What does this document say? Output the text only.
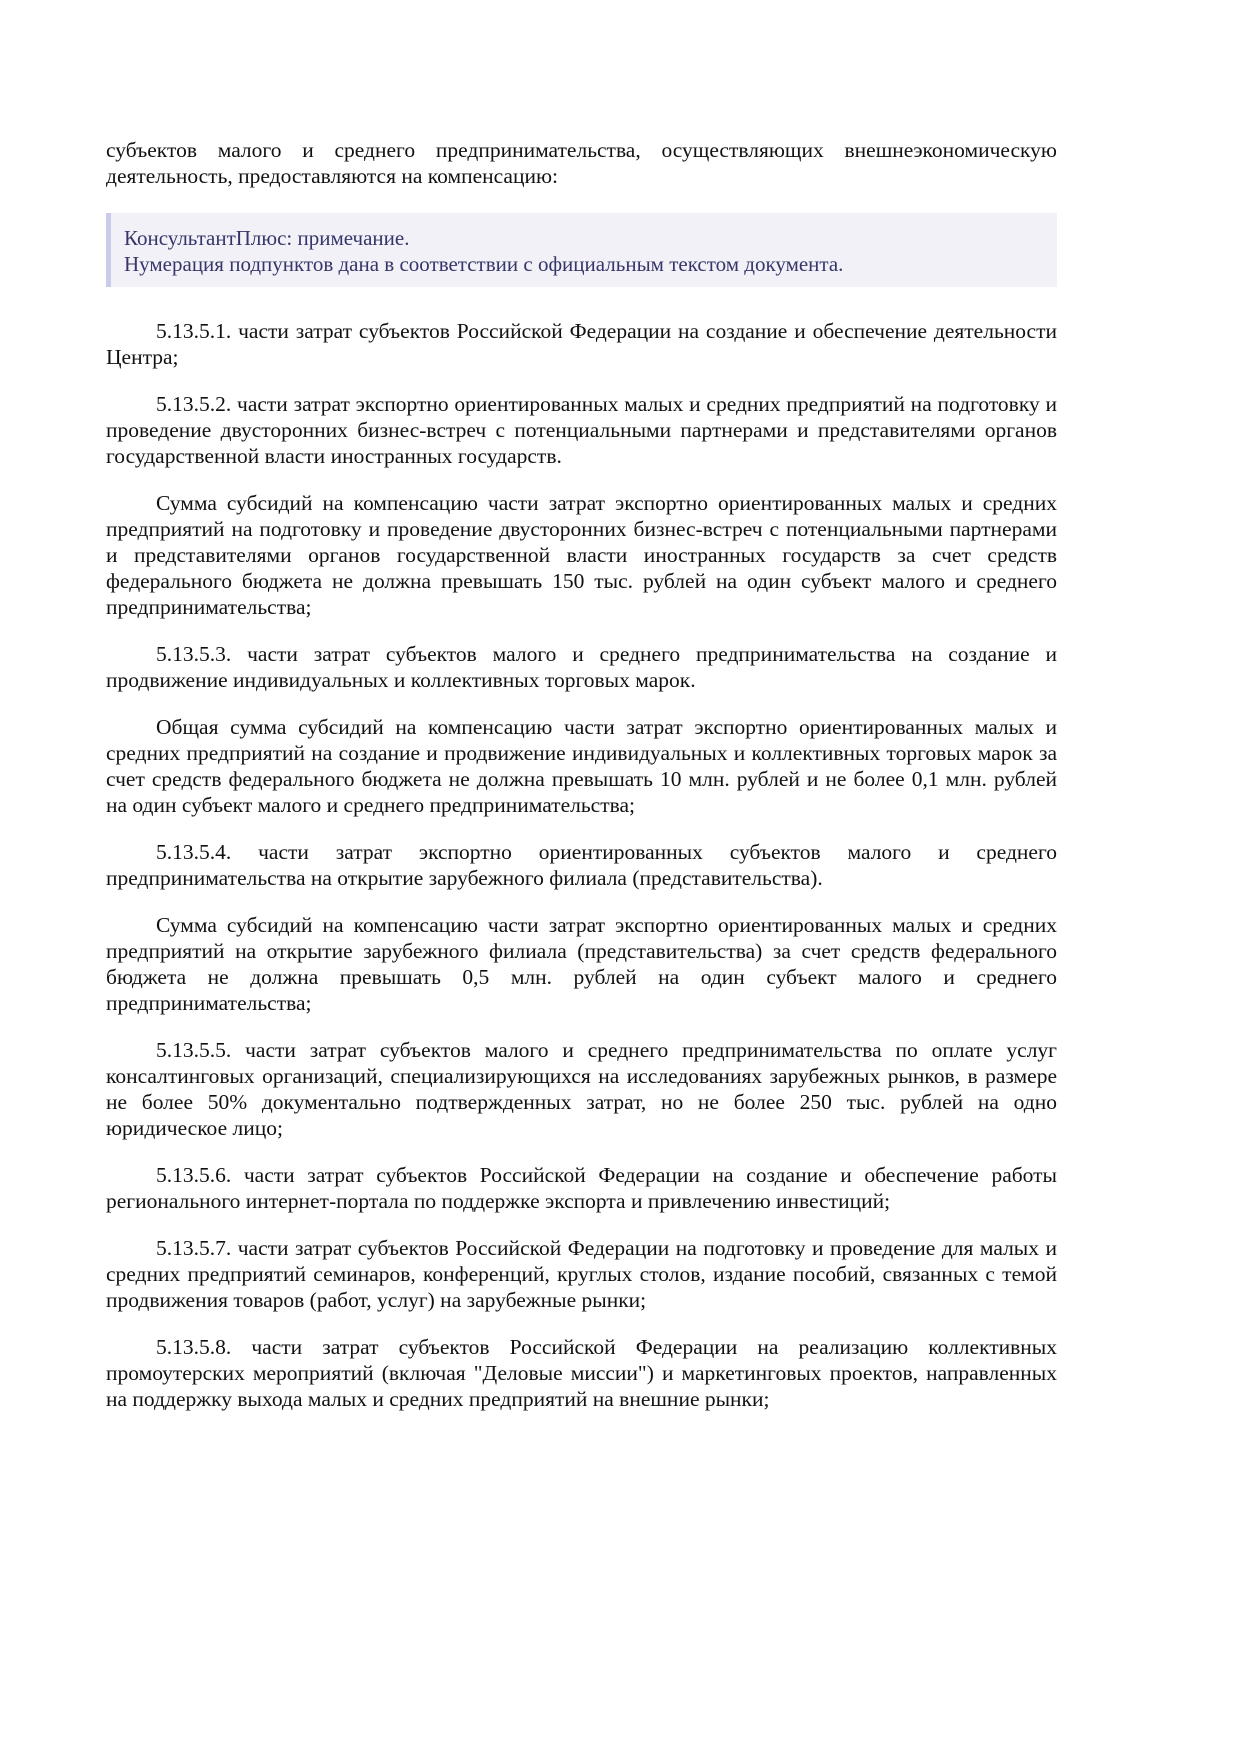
субъектов малого и среднего предпринимательства, осуществляющих внешнеэкономическую деятельность, предоставляются на компенсацию:

КонсультантПлюс: примечание.
Нумерация подпунктов дана в соответствии с официальным текстом документа.

5.13.5.1. части затрат субъектов Российской Федерации на создание и обеспечение деятельности Центра;

5.13.5.2. части затрат экспортно ориентированных малых и средних предприятий на подготовку и проведение двусторонних бизнес-встреч с потенциальными партнерами и представителями органов государственной власти иностранных государств.

Сумма субсидий на компенсацию части затрат экспортно ориентированных малых и средних предприятий на подготовку и проведение двусторонних бизнес-встреч с потенциальными партнерами и представителями органов государственной власти иностранных государств за счет средств федерального бюджета не должна превышать 150 тыс. рублей на один субъект малого и среднего предпринимательства;

5.13.5.3. части затрат субъектов малого и среднего предпринимательства на создание и продвижение индивидуальных и коллективных торговых марок.

Общая сумма субсидий на компенсацию части затрат экспортно ориентированных малых и средних предприятий на создание и продвижение индивидуальных и коллективных торговых марок за счет средств федерального бюджета не должна превышать 10 млн. рублей и не более 0,1 млн. рублей на один субъект малого и среднего предпринимательства;

5.13.5.4. части затрат экспортно ориентированных субъектов малого и среднего предпринимательства на открытие зарубежного филиала (представительства).

Сумма субсидий на компенсацию части затрат экспортно ориентированных малых и средних предприятий на открытие зарубежного филиала (представительства) за счет средств федерального бюджета не должна превышать 0,5 млн. рублей на один субъект малого и среднего предпринимательства;

5.13.5.5. части затрат субъектов малого и среднего предпринимательства по оплате услуг консалтинговых организаций, специализирующихся на исследованиях зарубежных рынков, в размере не более 50% документально подтвержденных затрат, но не более 250 тыс. рублей на одно юридическое лицо;

5.13.5.6. части затрат субъектов Российской Федерации на создание и обеспечение работы регионального интернет-портала по поддержке экспорта и привлечению инвестиций;

5.13.5.7. части затрат субъектов Российской Федерации на подготовку и проведение для малых и средних предприятий семинаров, конференций, круглых столов, издание пособий, связанных с темой продвижения товаров (работ, услуг) на зарубежные рынки;

5.13.5.8. части затрат субъектов Российской Федерации на реализацию коллективных промоутерских мероприятий (включая "Деловые миссии") и маркетинговых проектов, направленных на поддержку выхода малых и средних предприятий на внешние рынки;
